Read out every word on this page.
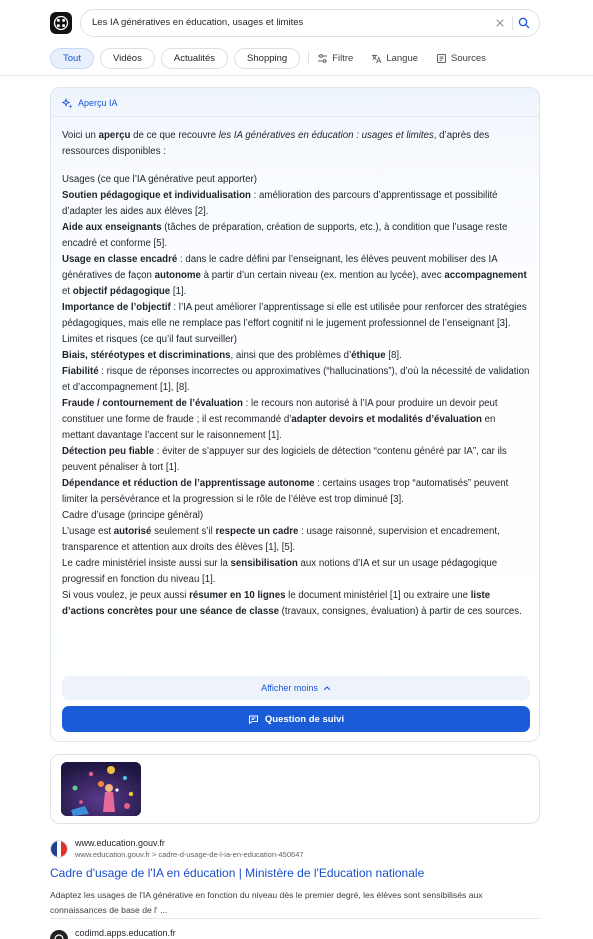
Les IA génératives en éducation, usages et limites
Tout	Vidéos	Actualités	Shopping	Filtre	Langue	Sources
Aperçu IA

Voici un aperçu de ce que recouvre les IA génératives en éducation : usages et limites, d’après des ressources disponibles :

Usages (ce que l’IA générative peut apporter)

Soutien pédagogique et individualisation : amélioration des parcours d’apprentissage et possibilité d’adapter les aides aux élèves [2].

Aide aux enseignants (tâches de préparation, création de supports, etc.), à condition que l’usage reste encadré et conforme [5].

Usage en classe encadré : dans le cadre défini par l’enseignant, les élèves peuvent mobiliser des IA génératives de façon autonome à partir d’un certain niveau (ex. mention au lycée), avec accompagnement et objectif pédagogique [1].

Importance de l’objectif : l’IA peut améliorer l’apprentissage si elle est utilisée pour renforcer des stratégies pédagogiques, mais elle ne remplace pas l’effort cognitif ni le jugement professionnel de l’enseignant [3].

Limites et risques (ce qu’il faut surveiller)

Biais, stéréotypes et discriminations, ainsi que des problèmes d’éthique [8].

Fiabilité : risque de réponses incorrectes ou approximatives (“hallucinations”), d’où la nécessité de validation et d’accompagnement [1], [8].

Fraude / contournement de l’évaluation : le recours non autorisé à l’IA pour produire un devoir peut constituer une forme de fraude ; il est recommandé d’adapter devoirs et modalités d’évaluation en mettant davantage l’accent sur le raisonnement [1].

Détection peu fiable : éviter de s’appuyer sur des logiciels de détection “contenu généré par IA”, car ils peuvent pénaliser à tort [1].

Dépendance et réduction de l’apprentissage autonome : certains usages trop “automatisés” peuvent limiter la persévérance et la progression si le rôle de l’élève est trop diminué [3].

Cadre d’usage (principe général)

L’usage est autorisé seulement s’il respecte un cadre : usage raisonné, supervision et encadrement, transparence et attention aux droits des élèves [1], [5].

Le cadre ministériel insiste aussi sur la sensibilisation aux notions d’IA et sur un usage pédagogique progressif en fonction du niveau [1].

Si vous voulez, je peux aussi résumer en 10 lignes le document ministériel [1] ou extraire une liste d’actions concrètes pour une séance de classe (travaux, consignes, évaluation) à partir de ces sources.

Afficher moins
Question de suivi
www.education.gouv.fr
www.education.gouv.fr > cadre-d-usage-de-l-ia-en-education-450647
Cadre d'usage de l'IA en éducation | Ministère de l'Education nationale

Adaptez les usages de l'IA générative en fonction du niveau dès le premier degré, les élèves sont sensibilisés aux connaissances de base de l' ...

codimd.apps.education.fr
